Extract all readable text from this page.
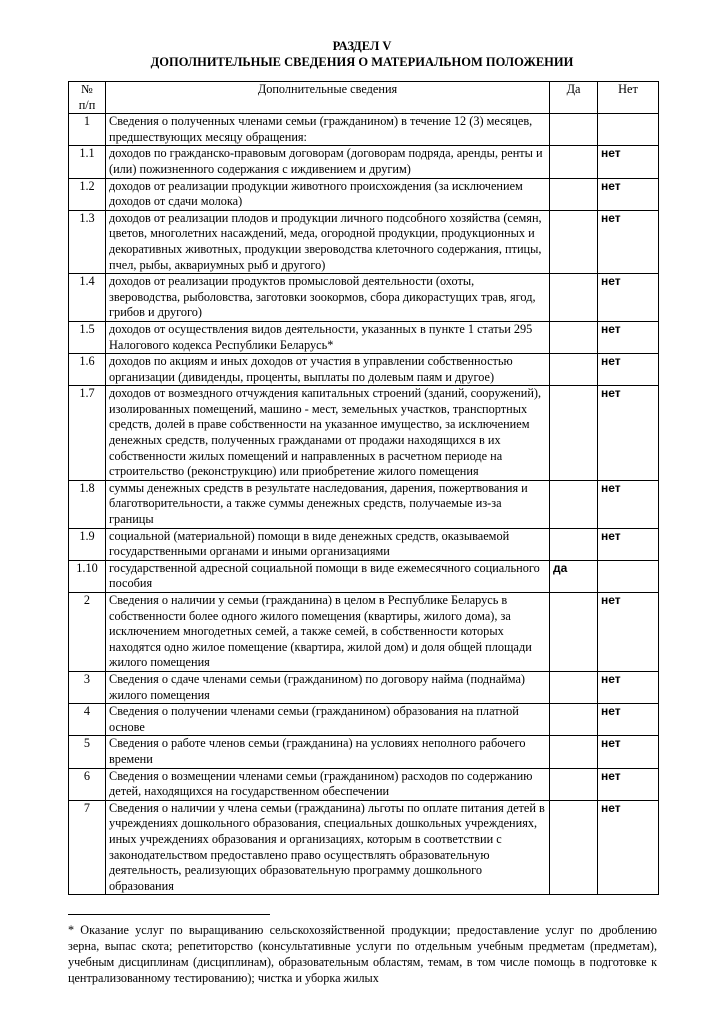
РАЗДЕЛ V
ДОПОЛНИТЕЛЬНЫЕ СВЕДЕНИЯ О МАТЕРИАЛЬНОМ ПОЛОЖЕНИИ
№
п/п	Дополнительные сведения	Да	Нет
1	Сведения о полученных членами семьи (гражданином) в течение 12 (3) месяцев, предшествующих месяцу обращения:		
1.1	доходов по гражданско-правовым договорам (договорам подряда, аренды, ренты и (или) пожизненного содержания с иждивением и другим)		нет
1.2	доходов от реализации продукции животного происхождения (за исключением доходов от сдачи молока)		нет
1.3	доходов от реализации плодов и продукции личного подсобного хозяйства (семян, цветов, многолетних насаждений, меда, огородной продукции, продукционных и декоративных животных, продукции звероводства клеточного содержания, птицы, пчел, рыбы, аквариумных рыб и другого)		нет
1.4	доходов от реализации продуктов промысловой деятельности (охоты, звероводства, рыболовства, заготовки зоокормов, сбора дикорастущих трав, ягод, грибов и другого)		нет
1.5	доходов от осуществления видов деятельности, указанных в пункте 1 статьи 295 Налогового кодекса Республики Беларусь*		нет
1.6	доходов по акциям и иных доходов от участия в управлении собственностью организации (дивиденды, проценты, выплаты по долевым паям и другое)		нет
1.7	доходов от возмездного отчуждения капитальных строений (зданий, сооружений), изолированных помещений, машино - мест, земельных участков, транспортных средств, долей в праве собственности на указанное имущество, за исключением денежных средств, полученных гражданами от продажи находящихся в их собственности жилых помещений и направленных в расчетном периоде на строительство (реконструкцию) или приобретение жилого помещения		нет
1.8	суммы денежных средств в результате наследования, дарения, пожертвования и благотворительности, а также суммы денежных средств, получаемые из-за границы		нет
1.9	социальной (материальной) помощи в виде денежных средств, оказываемой государственными органами и иными организациями		нет
1.10	государственной адресной социальной помощи в виде ежемесячного социального пособия	да	
2	Сведения о наличии у семьи (гражданина) в целом в Республике Беларусь в собственности более одного жилого помещения (квартиры, жилого дома), за исключением многодетных семей, а также семей, в собственности которых находятся одно жилое помещение (квартира, жилой дом) и доля общей площади жилого помещения		нет
3	Сведения о сдаче членами семьи (гражданином) по договору найма (поднайма) жилого помещения		нет
4	Сведения о получении членами семьи (гражданином) образования на платной основе		нет
5	Сведения о работе членов семьи (гражданина) на условиях неполного рабочего времени		нет
6	Сведения о возмещении членами семьи (гражданином) расходов по содержанию детей, находящихся на государственном обеспечении		нет
7	Сведения о наличии у члена семьи (гражданина) льготы по оплате питания детей в учреждениях дошкольного образования, специальных дошкольных учреждениях, иных учреждениях образования и организациях, которым в соответствии с законодательством предоставлено право осуществлять образовательную деятельность, реализующих образовательную программу дошкольного образования		нет
* Оказание услуг по выращиванию сельскохозяйственной продукции; предоставление услуг по дроблению зерна, выпас скота; репетиторство (консультативные услуги по отдельным учебным предметам (предметам), учебным дисциплинам (дисциплинам), образовательным областям, темам, в том числе помощь в подготовке к централизованному тестированию); чистка и уборка жилых
